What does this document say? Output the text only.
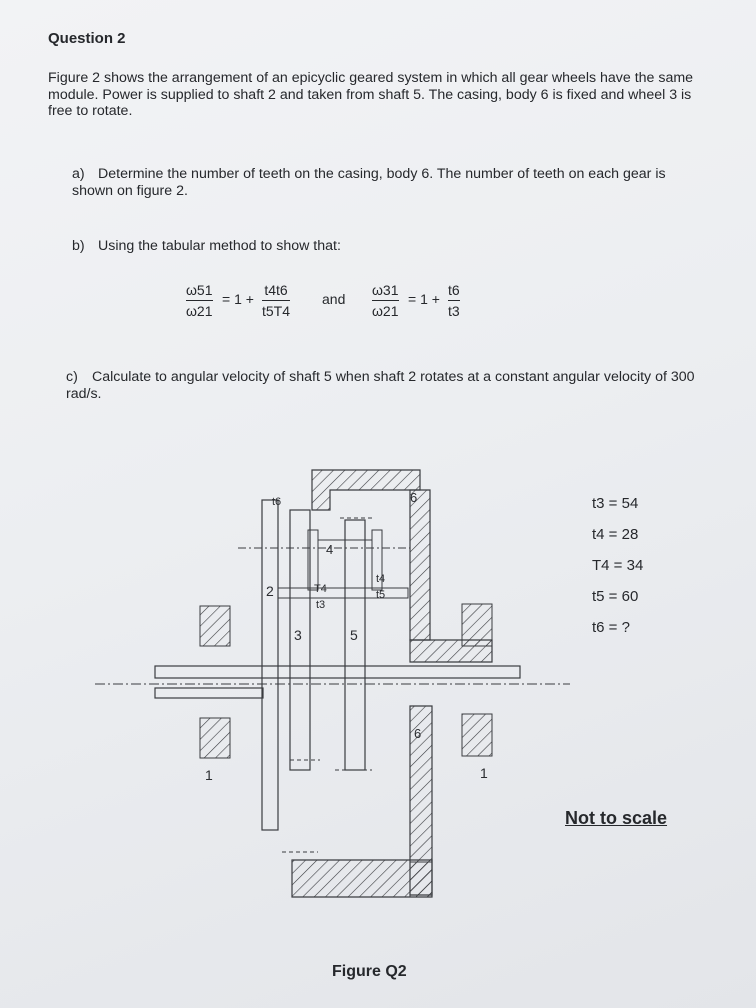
Question 2
Figure 2 shows the arrangement of an epicyclic geared system in which all gear wheels have the same module. Power is supplied to shaft 2 and taken from shaft 5. The casing, body 6 is fixed and wheel 3 is free to rotate.
a) Determine the number of teeth on the casing, body 6. The number of teeth on each gear is shown on figure 2.
b) Using the tabular method to show that:
ω51
ω21
= 1 +
t4t6
t5T4
and
ω31
ω21
= 1 +
t6
t3
c) Calculate to angular velocity of shaft 5 when shaft 2 rotates at a constant angular velocity of 300 rad/s.
t6	6
4
2	T4
t3
t4
t5
3	5
6
1	1
t3 = 54
t4 = 28
T4 = 34
t5 = 60
t6 = ?
Not to scale
Figure Q2
